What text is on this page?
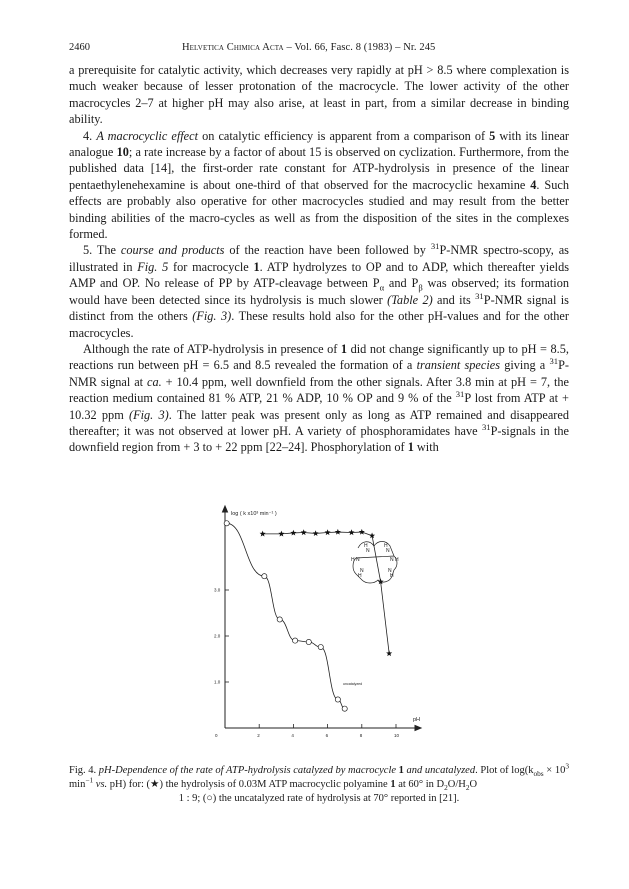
2460	Helvetica Chimica Acta – Vol. 66, Fasc. 8 (1983) – Nr. 245

a prerequisite for catalytic activity, which decreases very rapidly at pH > 8.5 where complexation is much weaker because of lesser protonation of the macrocycle. The lower activity of the other macrocycles 2–7 at higher pH may also arise, at least in part, from a similar decrease in binding ability.

4. A macrocyclic effect on catalytic efficiency is apparent from a comparison of 5 with its linear analogue 10; a rate increase by a factor of about 15 is observed on cyclization. Furthermore, from the published data [14], the first-order rate constant for ATP-hydrolysis in presence of the linear pentaethylenehexamine is about one-third of that observed for the macrocyclic hexamine 4. Such effects are probably also operative for other macrocycles studied and may result from the better binding abilities of the macro-cycles as well as from the disposition of the sites in the complexes formed.

5. The course and products of the reaction have been followed by $^{31}$P-NMR spectro-scopy, as illustrated in Fig. 5 for macrocycle 1. ATP hydrolyzes to OP and to ADP, which thereafter yields AMP and OP. No release of PP by ATP-cleavage between $P_\alpha$ and $P_\beta$ was observed; its formation would have been detected since its hydrolysis is much slower (Table 2) and its $^{31}$P-NMR signal is distinct from the others (Fig. 3). These results hold also for the other pH-values and for the other macrocycles.

Although the rate of ATP-hydrolysis in presence of 1 did not change significantly up to pH = 8.5, reactions run between pH = 6.5 and 8.5 revealed the formation of a transient species giving a $^{31}$P-NMR signal at ca. + 10.4 ppm, well downfield from the other signals. After 3.8 min at pH = 7, the reaction medium contained 81 % ATP, 21 % ADP, 10 % OP and 9 % of the $^{31}$P lost from ATP at + 10.32 ppm (Fig. 3). The latter peak was present only as long as ATP remained and disappeared thereafter; it was not observed at lower pH. A variety of phosphoramidates have $^{31}$P-signals in the downfield region from + 3 to + 22 ppm [22–24]. Phosphorylation of 1 with

0	2	4	6	8	10
1.0
2.0
3.0
log ( k x10³ min⁻¹ )
pH
uncatalyzed
H
N
H
N
H N	N H
N
H
N
H
Fig. 4. pH-Dependence of the rate of ATP-hydrolysis catalyzed by macrocycle 1 and uncatalyzed. Plot of $\log(k_{obs} \times 10^3$ $\min^{-1}$ vs. pH) for: (★) the hydrolysis of 0.03M ATP macrocyclic polyamine 1 at 60° in $D_2O/H_2O$
1 : 9; (○) the uncatalyzed rate of hydrolysis at 70° reported in [21].
